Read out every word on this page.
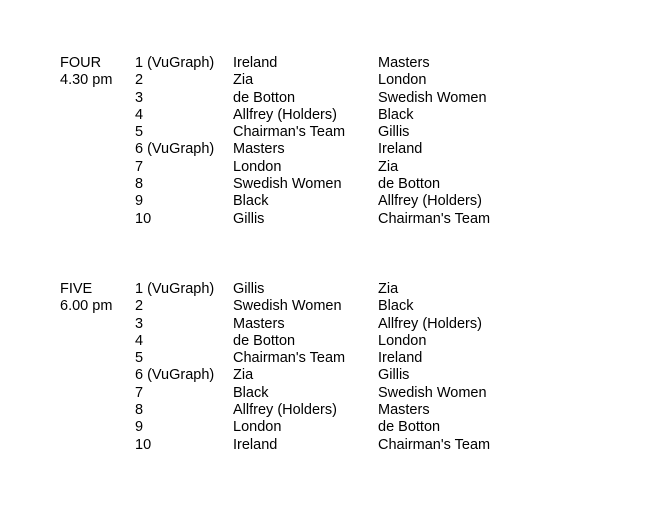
FOUR
4.30 pm
1 (VuGraph)	Ireland	Masters
2	Zia	London
3	de Botton	Swedish Women
4	Allfrey (Holders)	Black
5	Chairman's Team	Gillis
6 (VuGraph)	Masters	Ireland
7	London	Zia
8	Swedish Women	de Botton
9	Black	Allfrey (Holders)
10	Gillis	Chairman's Team
FIVE
6.00 pm
1 (VuGraph)	Gillis	Zia
2	Swedish Women	Black
3	Masters	Allfrey (Holders)
4	de Botton	London
5	Chairman's Team	Ireland
6 (VuGraph)	Zia	Gillis
7	Black	Swedish Women
8	Allfrey (Holders)	Masters
9	London	de Botton
10	Ireland	Chairman's Team
